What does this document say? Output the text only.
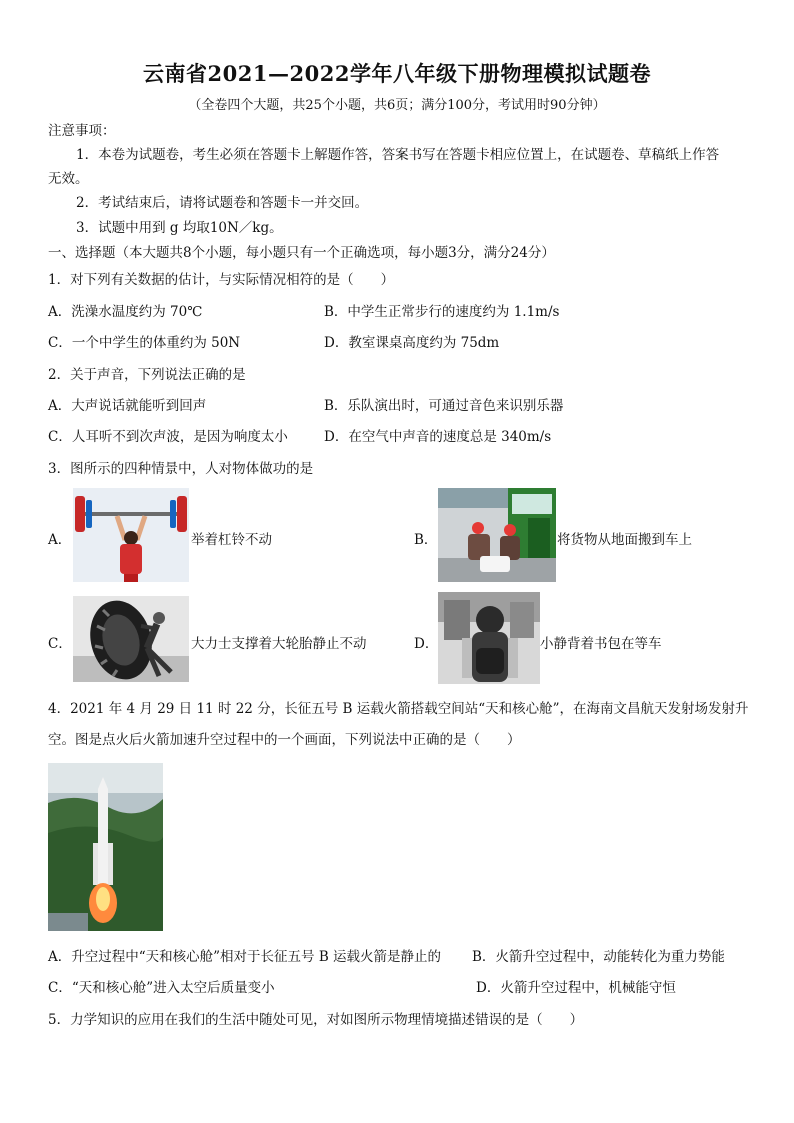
云南省2021—2022学年八年级下册物理模拟试题卷
（全卷四个大题，共25个小题，共6页；满分100分，考试用时90分钟）
注意事项：
1．本卷为试题卷，考生必须在答题卡上解题作答，答案书写在答题卡相应位置上，在试题卷、草稿纸上作答
无效。
2．考试结束后，请将试题卷和答题卡一并交回。
3．试题中用到 g 均取10N／kg。
一、选择题（本大题共8个小题，每小题只有一个正确选项，每小题3分，满分24分）
1．对下列有关数据的估计，与实际情况相符的是（　　）
A．洗澡水温度约为 70℃	B．中学生正常步行的速度约为 1.1m/s
C．一个中学生的体重约为 50N	D．教室课桌高度约为 75dm
2．关于声音，下列说法正确的是
A．大声说话就能听到回声	B．乐队演出时，可通过音色来识别乐器
C．人耳听不到次声波，是因为响度太小	D．在空气中声音的速度总是 340m/s
3．图所示的四种情景中，人对物体做功的是
A．	举着杠铃不动	B．	将货物从地面搬到车上
C．	大力士支撑着大轮胎静止不动	D．	小静背着书包在等车
4．2021 年 4 月 29 日 11 时 22 分，长征五号 B 运载火箭搭载空间站“天和核心舱”，在海南文昌航天发射场发射升
空。图是点火后火箭加速升空过程中的一个画面，下列说法中正确的是（　　）
A．升空过程中“天和核心舱”相对于长征五号 B 运载火箭是静止的 B．火箭升空过程中，动能转化为重力势能
C．“天和核心舱”进入太空后质量变小	D．火箭升空过程中，机械能守恒
5．力学知识的应用在我们的生活中随处可见，对如图所示物理情境描述错误的是（　　）
